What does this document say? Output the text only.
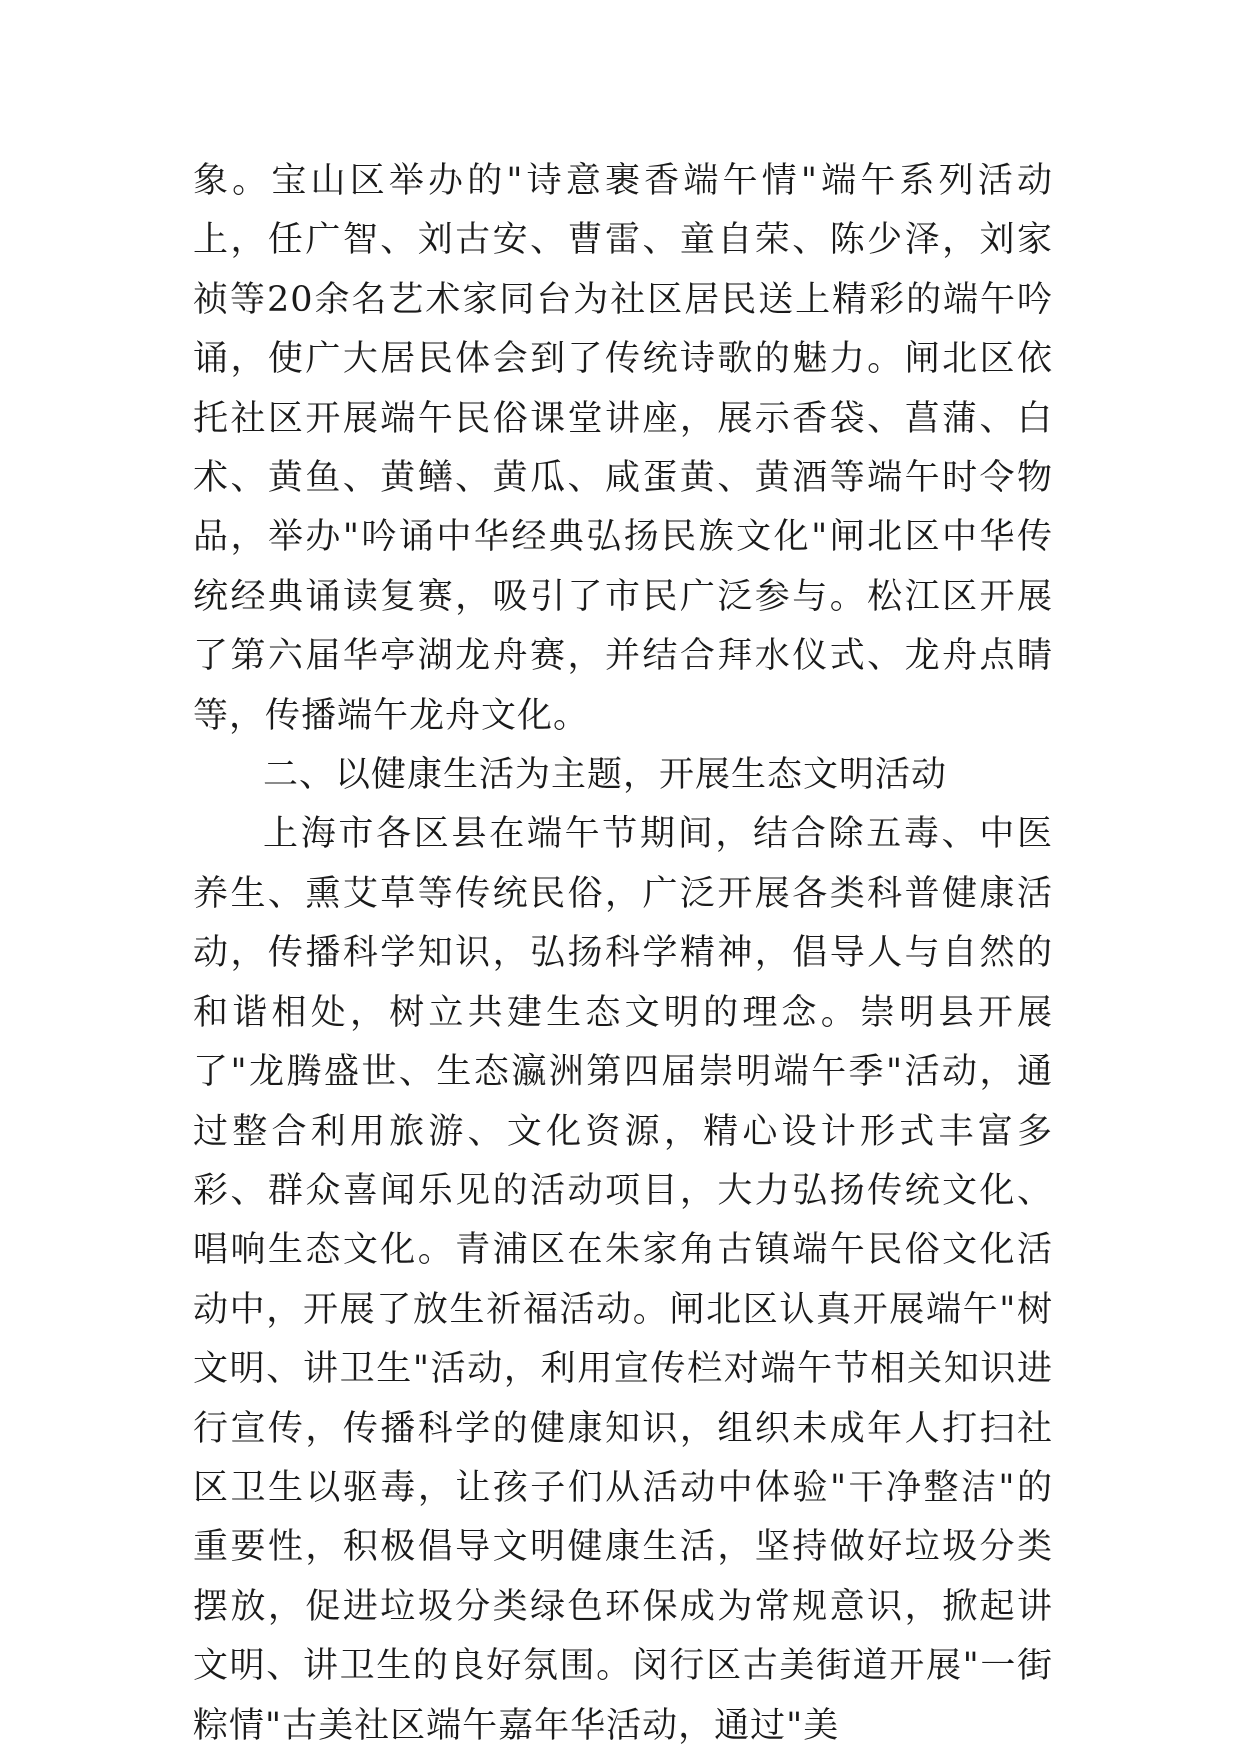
象。宝山区举办的"诗意裹香端午情"端午系列活动上，任广智、刘古安、曹雷、童自荣、陈少泽，刘家祯等20余名艺术家同台为社区居民送上精彩的端午吟诵，使广大居民体会到了传统诗歌的魅力。闸北区依托社区开展端午民俗课堂讲座，展示香袋、菖蒲、白术、黄鱼、黄鳝、黄瓜、咸蛋黄、黄酒等端午时令物品，举办"吟诵中华经典弘扬民族文化"闸北区中华传统经典诵读复赛，吸引了市民广泛参与。松江区开展了第六届华亭湖龙舟赛，并结合拜水仪式、龙舟点睛等，传播端午龙舟文化。

二、以健康生活为主题，开展生态文明活动

上海市各区县在端午节期间，结合除五毒、中医养生、熏艾草等传统民俗，广泛开展各类科普健康活动，传播科学知识，弘扬科学精神，倡导人与自然的和谐相处，树立共建生态文明的理念。崇明县开展了"龙腾盛世、生态瀛洲第四届崇明端午季"活动，通过整合利用旅游、文化资源，精心设计形式丰富多彩、群众喜闻乐见的活动项目，大力弘扬传统文化、唱响生态文化。青浦区在朱家角古镇端午民俗文化活动中，开展了放生祈福活动。闸北区认真开展端午"树文明、讲卫生"活动，利用宣传栏对端午节相关知识进行宣传，传播科学的健康知识，组织未成年人打扫社区卫生以驱毒，让孩子们从活动中体验"干净整洁"的重要性，积极倡导文明健康生活，坚持做好垃圾分类摆放，促进垃圾分类绿色环保成为常规意识，掀起讲文明、讲卫生的良好氛围。闵行区古美街道开展"一街粽情"古美社区端午嘉年华活动，通过"美
